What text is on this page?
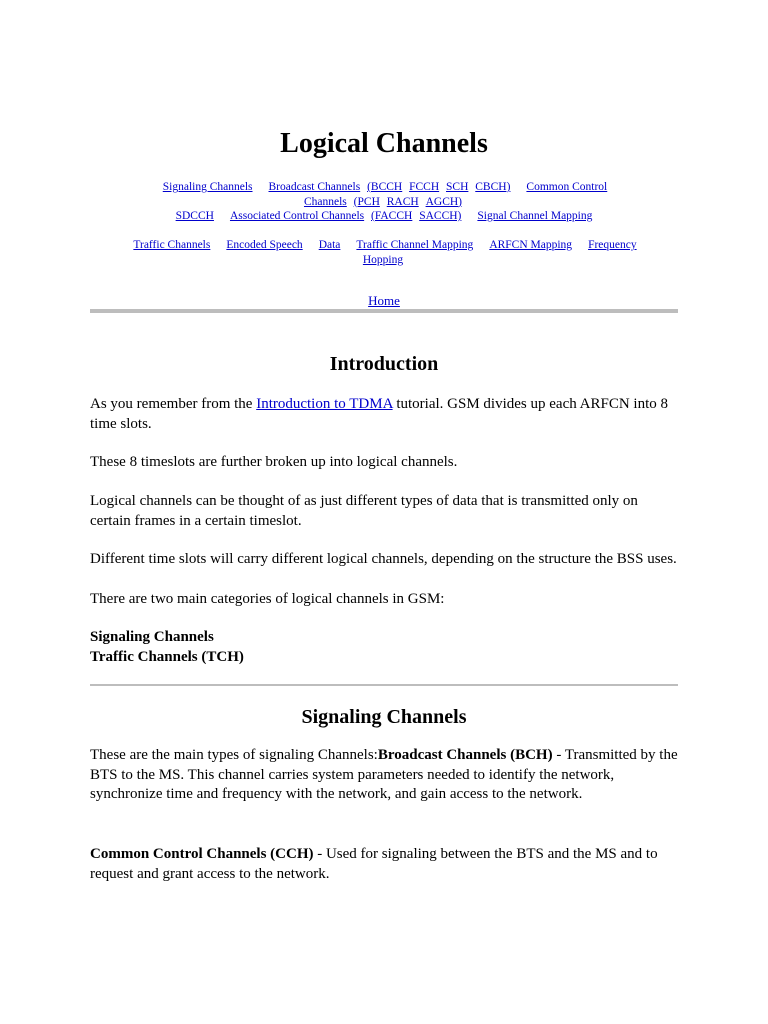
Logical Channels
Signaling Channels Broadcast Channels (BCCH FCCH SCH CBCH) Common Control
Channels (PCH RACH AGCH)
SDCCH Associated Control Channels (FACCH SACCH) Signal Channel Mapping
Traffic Channels Encoded Speech Data Traffic Channel Mapping ARFCN Mapping Frequency
Hopping
Home
Introduction

As you remember from the Introduction to TDMA tutorial. GSM divides up each ARFCN into 8 time slots.

These 8 timeslots are further broken up into logical channels.

Logical channels can be thought of as just different types of data that is transmitted only on certain frames in a certain timeslot.

Different time slots will carry different logical channels, depending on the structure the BSS uses.

There are two main categories of logical channels in GSM:

Signaling Channels

Traffic Channels (TCH)

Signaling Channels

These are the main types of signaling Channels:Broadcast Channels (BCH) - Transmitted by the BTS to the MS. This channel carries system parameters needed to identify the network, synchronize time and frequency with the network, and gain access to the network.

Common Control Channels (CCH) - Used for signaling between the BTS and the MS and to request and grant access to the network.
